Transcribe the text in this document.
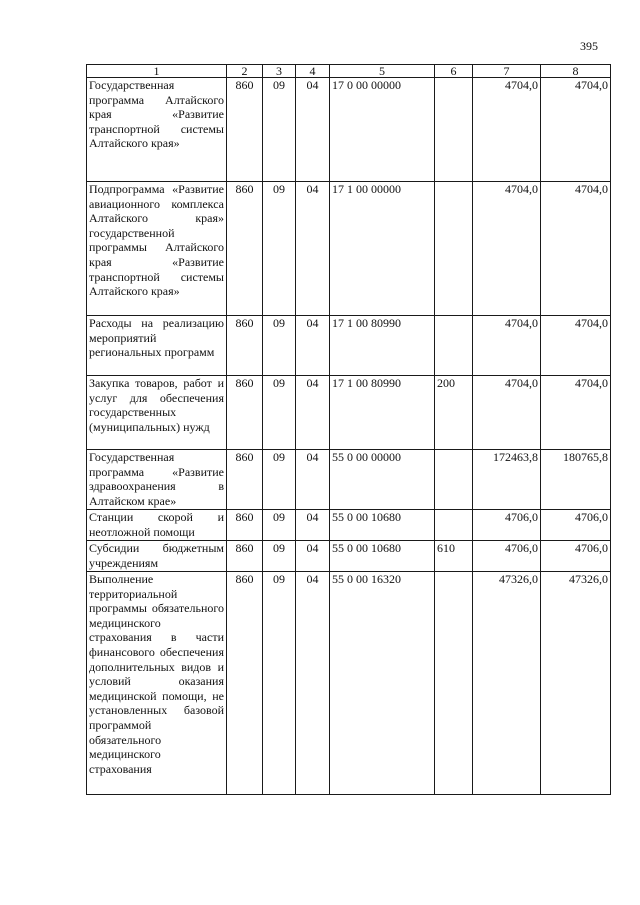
395
1	2	3	4	5	6	7	8
Государственная программа Алтайского края «Развитие транспортной системы Алтайского края»	860	09	04	17 0 00 00000		4704,0	4704,0
Подпрограмма «Развитие авиационного комплекса Алтайского края» государственной программы Алтайского края «Развитие транспортной системы Алтайского края»	860	09	04	17 1 00 00000		4704,0	4704,0
Расходы на реализацию мероприятий региональных программ	860	09	04	17 1 00 80990		4704,0	4704,0
Закупка товаров, работ и услуг для обеспечения государственных (муниципальных) нужд	860	09	04	17 1 00 80990	200	4704,0	4704,0
Государственная программа «Развитие здравоохранения в Алтайском крае»	860	09	04	55 0 00 00000		172463,8	180765,8
Станции скорой и неотложной помощи	860	09	04	55 0 00 10680		4706,0	4706,0
Субсидии бюджетным учреждениям	860	09	04	55 0 00 10680	610	4706,0	4706,0
Выполнение территориальной программы обязательного медицинского страхования в части финансового обеспечения дополнительных видов и условий оказания медицинской помощи, не установленных базовой программой обязательного медицинского страхования	860	09	04	55 0 00 16320		47326,0	47326,0
